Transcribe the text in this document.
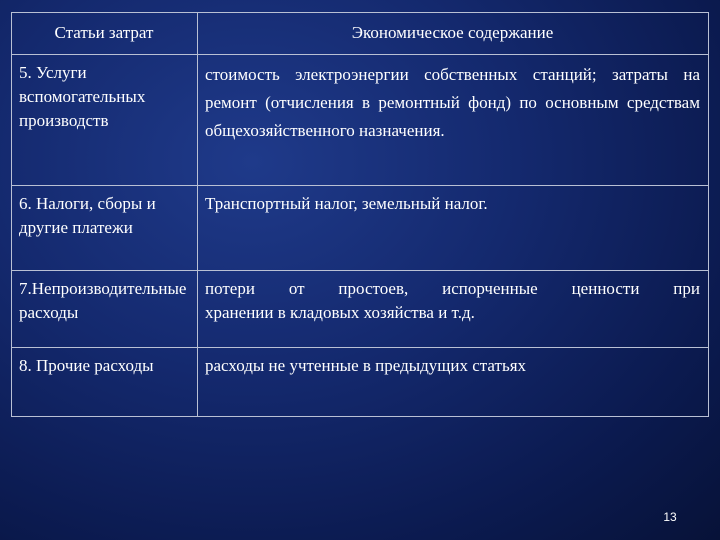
Статьи затрат	Экономическое содержание
5. Услуги вспомогательных производств	стоимость электроэнергии собственных станций; затраты на ремонт (отчисления в ремонтный фонд) по основным средствам общехозяйственного назначения.
6. Налоги, сборы и другие платежи	Транспортный налог, земельный налог.
7.Непроизводительные расходы	потери от простоев, испорченные ценности при
хранении в кладовых хозяйства и т.д.

8. Прочие расходы	расходы не учтенные в предыдущих статьях
13
